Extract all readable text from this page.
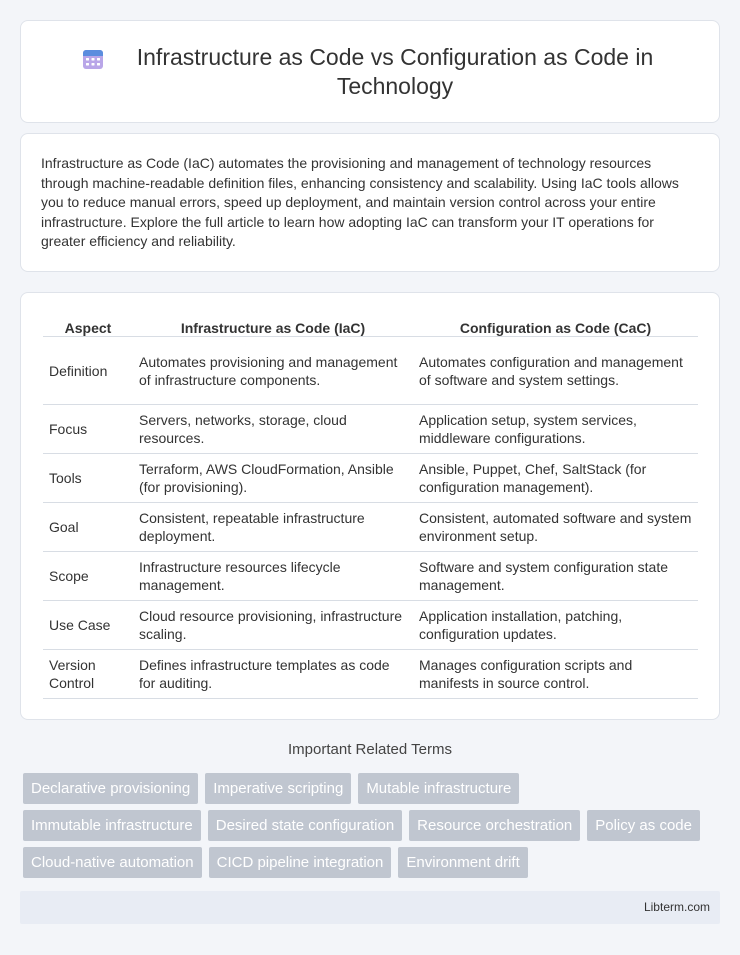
Infrastructure as Code vs Configuration as Code in Technology

Infrastructure as Code (IaC) automates the provisioning and management of technology resources through machine-readable definition files, enhancing consistency and scalability. Using IaC tools allows you to reduce manual errors, speed up deployment, and maintain version control across your entire infrastructure. Explore the full article to learn how adopting IaC can transform your IT operations for greater efficiency and reliability.

Aspect	Infrastructure as Code (IaC)	Configuration as Code (CaC)
Definition	Automates provisioning and management of infrastructure components.	Automates configuration and management of software and system settings.
Focus	Servers, networks, storage, cloud resources.	Application setup, system services, middleware configurations.
Tools	Terraform, AWS CloudFormation, Ansible (for provisioning).	Ansible, Puppet, Chef, SaltStack (for configuration management).
Goal	Consistent, repeatable infrastructure deployment.	Consistent, automated software and system environment setup.
Scope	Infrastructure resources lifecycle management.	Software and system configuration state management.
Use Case	Cloud resource provisioning, infrastructure scaling.	Application installation, patching, configuration updates.
Version Control	Defines infrastructure templates as code for auditing.	Manages configuration scripts and manifests in source control.
Important Related Terms
Declarative provisioning	Imperative scripting	Mutable infrastructure
Immutable infrastructure	Desired state configuration	Resource orchestration	Policy as code
Cloud-native automation	CICD pipeline integration	Environment drift
Libterm.com
